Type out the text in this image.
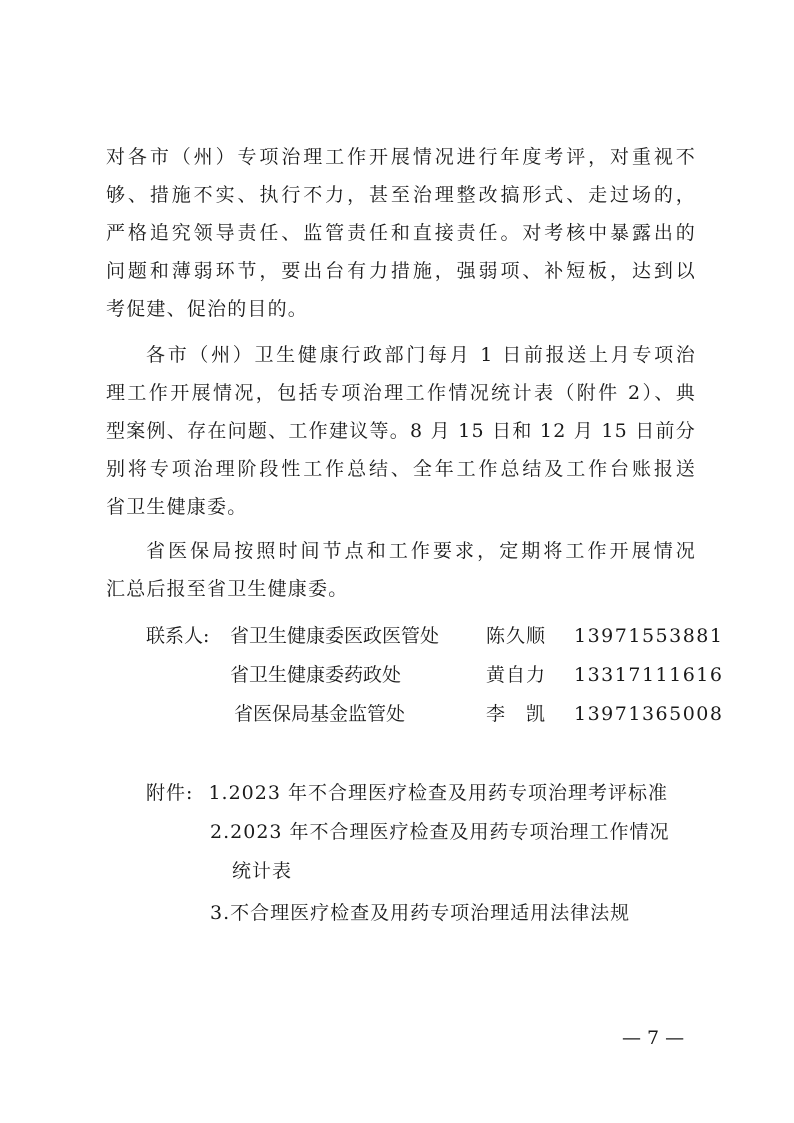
对各市（州）专项治理工作开展情况进行年度考评，对重视不
够、措施不实、执行不力，甚至治理整改搞形式、走过场的，
严格追究领导责任、监管责任和直接责任。对考核中暴露出的
问题和薄弱环节，要出台有力措施，强弱项、补短板，达到以
考促建、促治的目的。
各市（州）卫生健康行政部门每月 1 日前报送上月专项治
理工作开展情况，包括专项治理工作情况统计表（附件 2）、典
型案例、存在问题、工作建议等。8 月 15 日和 12 月 15 日前分
别将专项治理阶段性工作总结、全年工作总结及工作台账报送
省卫生健康委。
省医保局按照时间节点和工作要求，定期将工作开展情况
汇总后报至省卫生健康委。
联系人: 省卫生健康委医政医管处 陈久顺 13971553881
省卫生健康委药政处	黄自力 13317111616
省医保局基金监管处	李　凯 13971365008
附件: 1.2023 年不合理医疗检查及用药专项治理考评标准
2.2023 年不合理医疗检查及用药专项治理工作情况
统计表
3.不合理医疗检查及用药专项治理适用法律法规
— 7 —
